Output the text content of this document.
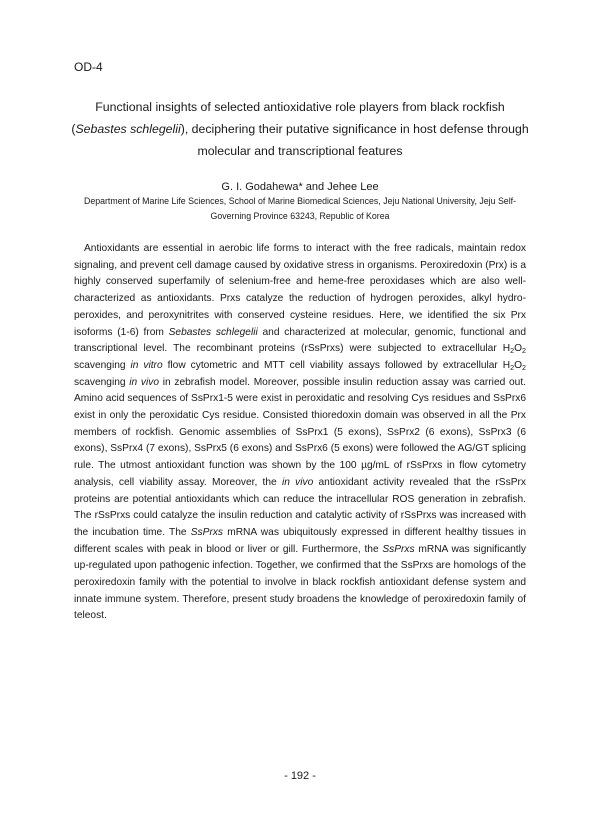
OD-4
Functional insights of selected antioxidative role players from black rockfish (Sebastes schlegelii), deciphering their putative significance in host defense through molecular and transcriptional features
G. I. Godahewa* and Jehee Lee
Department of Marine Life Sciences, School of Marine Biomedical Sciences, Jeju National University, Jeju Self-Governing Province 63243, Republic of Korea

Antioxidants are essential in aerobic life forms to interact with the free radicals, maintain redox signaling, and prevent cell damage caused by oxidative stress in organisms. Peroxiredoxin (Prx) is a highly conserved superfamily of selenium-free and heme-free peroxidases which are also well-characterized as antioxidants. Prxs catalyze the reduction of hydrogen peroxides, alkyl hydro-peroxides, and peroxynitrites with conserved cysteine residues. Here, we identified the six Prx isoforms (1-6) from Sebastes schlegelii and characterized at molecular, genomic, functional and transcriptional level. The recombinant proteins (rSsPrxs) were subjected to extracellular $H_2O_2$ scavenging in vitro flow cytometric and MTT cell viability assays followed by extracellular $H_2O_2$ scavenging in vivo in zebrafish model. Moreover, possible insulin reduction assay was carried out. Amino acid sequences of SsPrx1-5 were exist in peroxidatic and resolving Cys residues and SsPrx6 exist in only the peroxidatic Cys residue. Consisted thioredoxin domain was observed in all the Prx members of rockfish. Genomic assemblies of SsPrx1 (5 exons), SsPrx2 (6 exons), SsPrx3 (6 exons), SsPrx4 (7 exons), SsPrx5 (6 exons) and SsPrx6 (5 exons) were followed the AG/GT splicing rule. The utmost antioxidant function was shown by the 100 µg/mL of rSsPrxs in flow cytometry analysis, cell viability assay. Moreover, the in vivo antioxidant activity revealed that the rSsPrx proteins are potential antioxidants which can reduce the intracellular ROS generation in zebrafish. The rSsPrxs could catalyze the insulin reduction and catalytic activity of rSsPrxs was increased with the incubation time. The SsPrxs mRNA was ubiquitously expressed in different healthy tissues in different scales with peak in blood or liver or gill. Furthermore, the SsPrxs mRNA was significantly up-regulated upon pathogenic infection. Together, we confirmed that the SsPrxs are homologs of the peroxiredoxin family with the potential to involve in black rockfish antioxidant defense system and innate immune system. Therefore, present study broadens the knowledge of peroxiredoxin family of teleost.

- 192 -
